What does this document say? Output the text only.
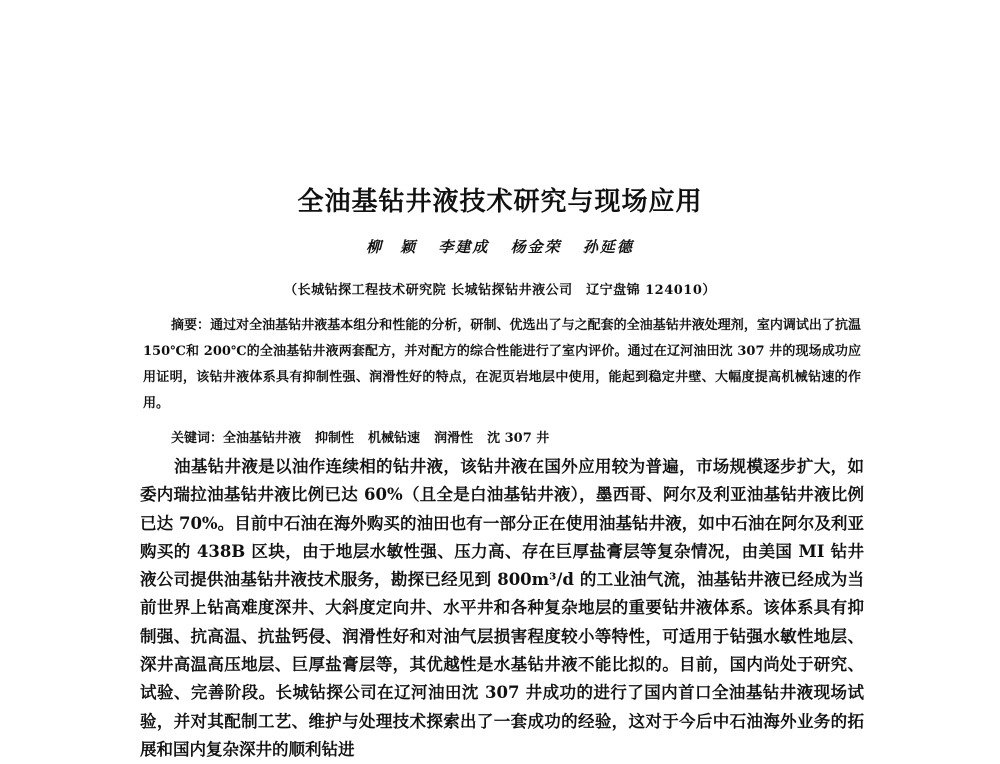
全油基钻井液技术研究与现场应用
柳　颖 李建成 杨金荣 孙延德
（长城钻探工程技术研究院 长城钻探钻井液公司　辽宁盘锦 124010）

摘要：通过对全油基钻井液基本组分和性能的分析，研制、优选出了与之配套的全油基钻井液处理剂，室内调试出了抗温 150℃和 200℃的全油基钻井液两套配方，并对配方的综合性能进行了室内评价。通过在辽河油田沈 307 井的现场成功应用证明，该钻井液体系具有抑制性强、润滑性好的特点，在泥页岩地层中使用，能起到稳定井壁、大幅度提高机械钻速的作用。

关键词：全油基钻井液 抑制性 机械钻速 润滑性 沈 307 井

油基钻井液是以油作连续相的钻井液，该钻井液在国外应用较为普遍，市场规模逐步扩大，如委内瑞拉油基钻井液比例已达 60%（且全是白油基钻井液），墨西哥、阿尔及利亚油基钻井液比例已达 70%。目前中石油在海外购买的油田也有一部分正在使用油基钻井液，如中石油在阿尔及利亚购买的 438B 区块，由于地层水敏性强、压力高、存在巨厚盐膏层等复杂情况，由美国 MI 钻井液公司提供油基钻井液技术服务，勘探已经见到 800m³/d 的工业油气流，油基钻井液已经成为当前世界上钻高难度深井、大斜度定向井、水平井和各种复杂地层的重要钻井液体系。该体系具有抑制强、抗高温、抗盐钙侵、润滑性好和对油气层损害程度较小等特性，可适用于钻强水敏性地层、深井高温高压地层、巨厚盐膏层等，其优越性是水基钻井液不能比拟的。目前，国内尚处于研究、试验、完善阶段。长城钻探公司在辽河油田沈 307 井成功的进行了国内首口全油基钻井液现场试验，并对其配制工艺、维护与处理技术探索出了一套成功的经验，这对于今后中石油海外业务的拓展和国内复杂深井的顺利钻进
